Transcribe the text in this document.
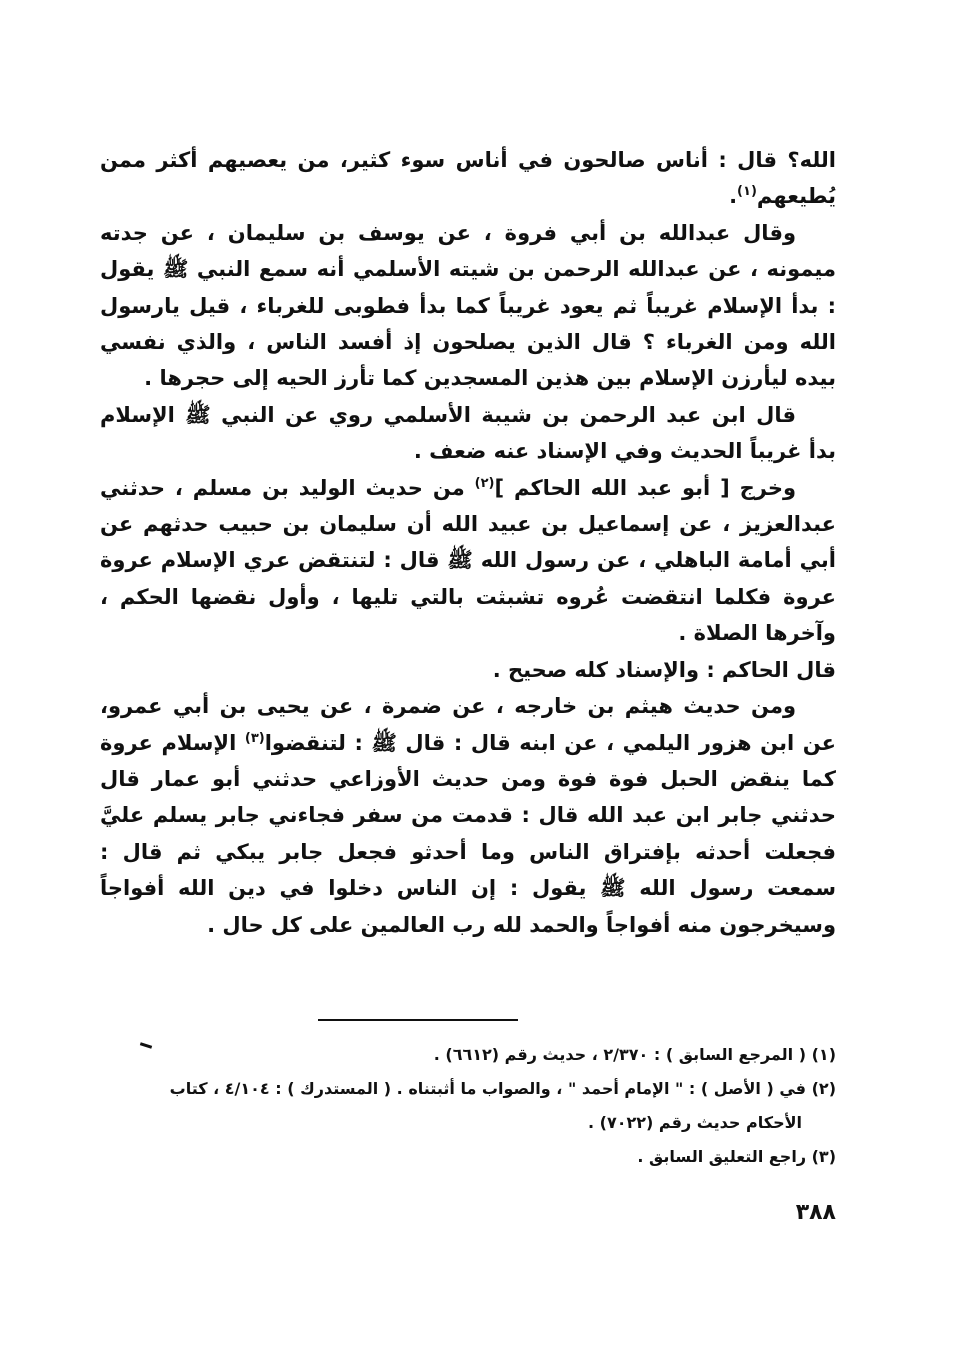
الله؟ قال : أناس صالحون في أناس سوء كثير، من يعصيهم أكثر ممن يُطيعهم$^{(١)}$.

وقال عبدالله بن أبي فروة ، عن يوسف بن سليمان ، عن جدته ميمونه ، عن عبدالله الرحمن بن شيته الأسلمي أنه سمع النبي ﷺ يقول : بدأ الإسلام غريباً ثم يعود غريباً كما بدأ فطوبى للغرباء ، قيل يارسول الله ومن الغرباء ؟ قال الذين يصلحون إذ أفسد الناس ، والذي نفسي بيده ليأرزن الإسلام بين هذين المسجدين كما تأرز الحيه إلى حجرها .

قال ابن عبد الرحمن بن شيبة الأسلمي روي عن النبي ﷺ الإسلام بدأ غريباً الحديث وفي الإسناد عنه ضعف .

وخرج [ أبو عبد الله الحاكم ]$^{(٢)}$ من حديث الوليد بن مسلم ، حدثني عبدالعزيز ، عن إسماعيل بن عبيد الله أن سليمان بن حبيب حدثهم عن أبي أمامة الباهلي ، عن رسول الله ﷺ قال : لتنتقض عري الإسلام عروة عروة فكلما انتقضت عُروه تشبثت بالتي تليها ، وأول نقضها الحكم ، وآخرها الصلاة .

قال الحاكم : والإسناد كله صحيح .

ومن حديث هيثم بن خارجه ، عن ضمرة ، عن يحيى بن أبي عمرو، عن ابن هزور اليلمي ، عن ابنه قال : قال ﷺ : لتنقضوا$^{(٣)}$ الإسلام عروة كما ينقض الحبل فوة فوة ومن حديث الأوزاعي حدثني أبو عمار قال حدثني جابر ابن عبد الله قال : قدمت من سفر فجاءني جابر يسلم عليَّ فجعلت أحدثه بإفتراق الناس وما أحدثو فجعل جابر يبكي ثم قال : سمعت رسول الله ﷺ يقول : إن الناس دخلوا في دين الله أفواجاً وسيخرجون منه أفواجاً والحمد لله رب العالمين على كل حال .

(١) ( المرجع السابق ) : ٢/٣٧٠ ، حديث رقم (٦٦١٢) .

(٢) في ( الأصل ) : " الإمام أحمد " ، والصواب ما أثبتناه . ( المستدرك ) : ٤/١٠٤ ، كتاب

الأحكام حديث رقم (٧٠٢٢) .

(٣) راجع التعليق السابق .

٣٨٨
